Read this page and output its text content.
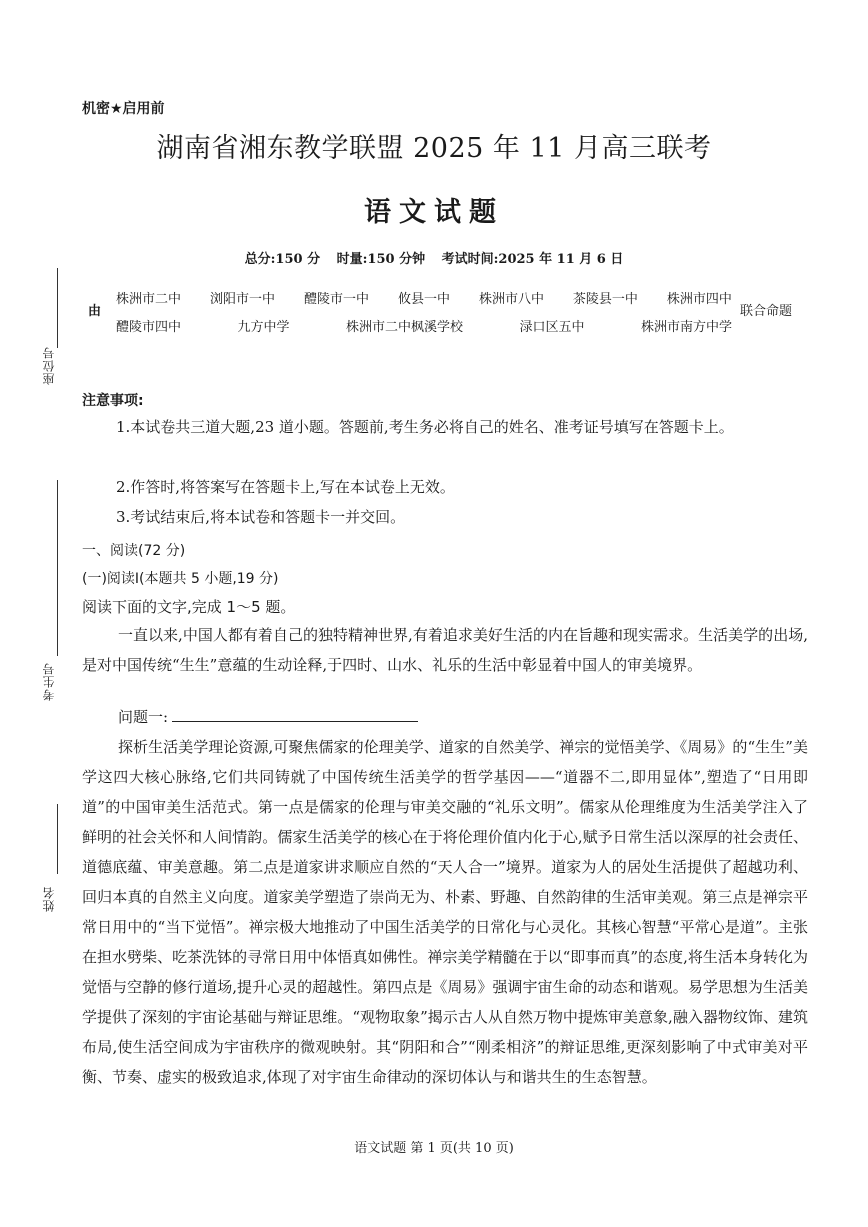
座位号
考生号
姓名
机密★启用前
湖南省湘东教学联盟 2025 年 11 月高三联考
语文试题
总分:150 分 时量:150 分钟 考试时间:2025 年 11 月 6 日
由
株洲市二中 浏阳市一中 醴陵市一中 攸县一中 株洲市八中 茶陵县一中 株洲市四中
醴陵市四中	九方中学	株洲市二中枫溪学校	渌口区五中	株洲市南方中学
联合命题
注意事项:
1.本试卷共三道大题,23 道小题。答题前,考生务必将自己的姓名、准考证号填写在答题卡上。
2.作答时,将答案写在答题卡上,写在本试卷上无效。
3.考试结束后,将本试卷和答题卡一并交回。
一、阅读(72 分)
(一)阅读Ⅰ(本题共 5 小题,19 分)
阅读下面的文字,完成 1～5 题。
一直以来,中国人都有着自己的独特精神世界,有着追求美好生活的内在旨趣和现实需求。生活美学的出场,是对中国传统“生生”意蕴的生动诠释,于四时、山水、礼乐的生活中彰显着中国人的审美境界。
问题一:
探析生活美学理论资源,可聚焦儒家的伦理美学、道家的自然美学、禅宗的觉悟美学、《周易》的“生生”美学这四大核心脉络,它们共同铸就了中国传统生活美学的哲学基因——“道器不二,即用显体”,塑造了“日用即道”的中国审美生活范式。第一点是儒家的伦理与审美交融的“礼乐文明”。儒家从伦理维度为生活美学注入了鲜明的社会关怀和人间情韵。儒家生活美学的核心在于将伦理价值内化于心,赋予日常生活以深厚的社会责任、道德底蕴、审美意趣。第二点是道家讲求顺应自然的“天人合一”境界。道家为人的居处生活提供了超越功利、回归本真的自然主义向度。道家美学塑造了崇尚无为、朴素、野趣、自然韵律的生活审美观。第三点是禅宗平常日用中的“当下觉悟”。禅宗极大地推动了中国生活美学的日常化与心灵化。其核心智慧“平常心是道”。主张在担水劈柴、吃茶洗钵的寻常日用中体悟真如佛性。禅宗美学精髓在于以“即事而真”的态度,将生活本身转化为觉悟与空静的修行道场,提升心灵的超越性。第四点是《周易》强调宇宙生命的动态和谐观。易学思想为生活美学提供了深刻的宇宙论基础与辩证思维。“观物取象”揭示古人从自然万物中提炼审美意象,融入器物纹饰、建筑布局,使生活空间成为宇宙秩序的微观映射。其“阴阳和合”“刚柔相济”的辩证思维,更深刻影响了中式审美对平衡、节奏、虚实的极致追求,体现了对宇宙生命律动的深切体认与和谐共生的生态智慧。
语文试题 第 1 页(共 10 页)
